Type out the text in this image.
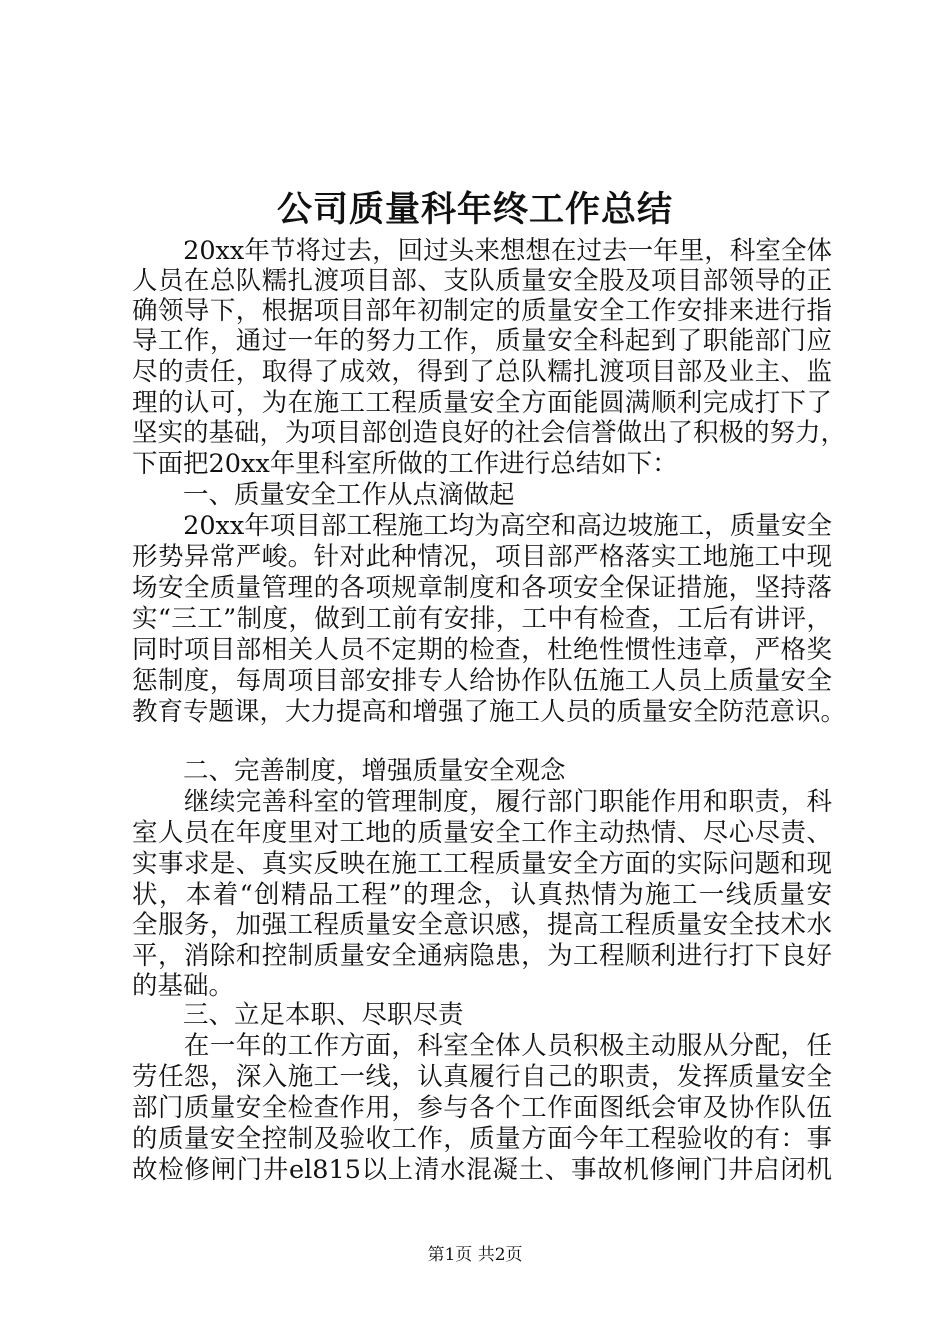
公司质量科年终工作总结
　　20xx年节将过去，回过头来想想在过去一年里，科室全体
人员在总队糯扎渡项目部、支队质量安全股及项目部领导的正
确领导下，根据项目部年初制定的质量安全工作安排来进行指
导工作，通过一年的努力工作，质量安全科起到了职能部门应
尽的责任，取得了成效，得到了总队糯扎渡项目部及业主、监
理的认可，为在施工工程质量安全方面能圆满顺利完成打下了
坚实的基础，为项目部创造良好的社会信誉做出了积极的努力，
下面把20xx年里科室所做的工作进行总结如下：
　　一、质量安全工作从点滴做起
　　20xx年项目部工程施工均为高空和高边坡施工，质量安全
形势异常严峻。针对此种情况，项目部严格落实工地施工中现
场安全质量管理的各项规章制度和各项安全保证措施，坚持落
实“三工”制度，做到工前有安排，工中有检查，工后有讲评，
同时项目部相关人员不定期的检查，杜绝性惯性违章，严格奖
惩制度，每周项目部安排专人给协作队伍施工人员上质量安全
教育专题课，大力提高和增强了施工人员的质量安全防范意识。
　　二、完善制度，增强质量安全观念
　　继续完善科室的管理制度，履行部门职能作用和职责，科
室人员在年度里对工地的质量安全工作主动热情、尽心尽责、
实事求是、真实反映在施工工程质量安全方面的实际问题和现
状，本着“创精品工程”的理念，认真热情为施工一线质量安
全服务，加强工程质量安全意识感，提高工程质量安全技术水
平，消除和控制质量安全通病隐患，为工程顺利进行打下良好
的基础。
　　三、立足本职、尽职尽责
　　在一年的工作方面，科室全体人员积极主动服从分配，任
劳任怨，深入施工一线，认真履行自己的职责，发挥质量安全
部门质量安全检查作用，参与各个工作面图纸会审及协作队伍
的质量安全控制及验收工作，质量方面今年工程验收的有：事
故检修闸门井el815以上清水混凝土、事故机修闸门井启闭机
第1页 共2页
